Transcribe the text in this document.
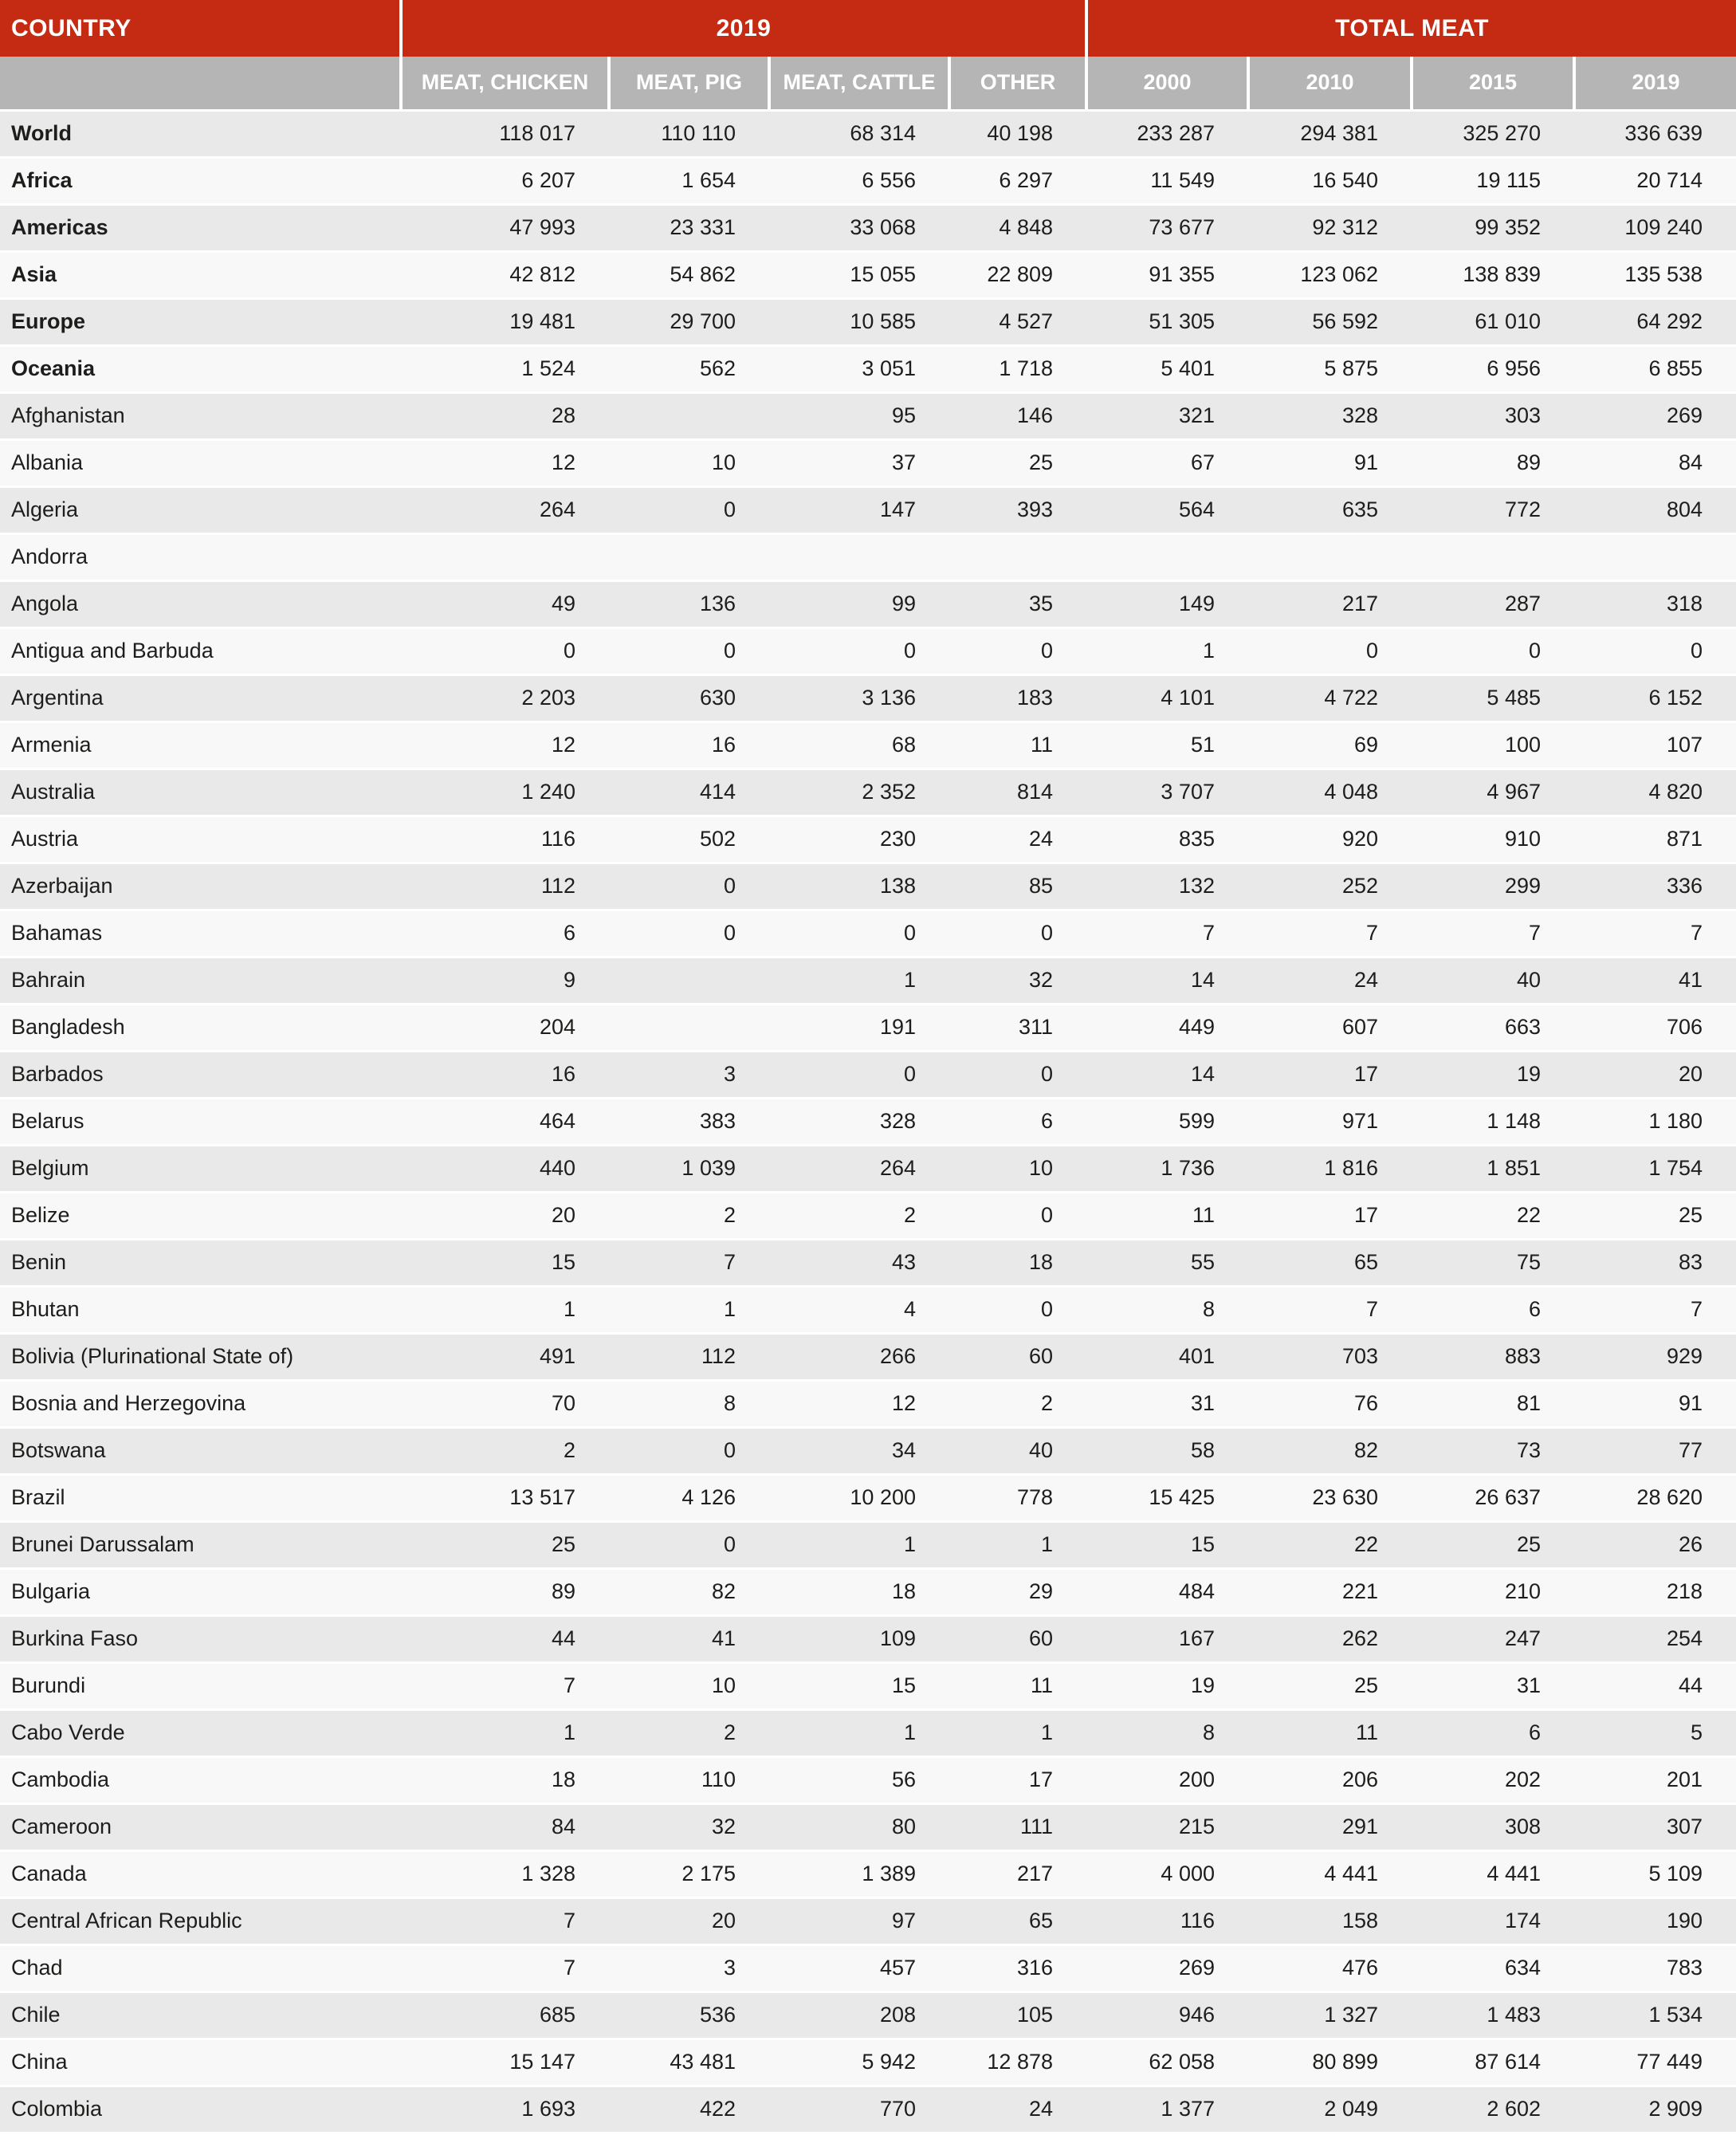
COUNTRY	2019				TOTAL MEAT			
	MEAT, CHICKEN	MEAT, PIG	MEAT, CATTLE	OTHER	2000	2010	2015	2019
World	118 017	110 110	68 314	40 198	233 287	294 381	325 270	336 639
Africa	6 207	1 654	6 556	6 297	11 549	16 540	19 115	20 714
Americas	47 993	23 331	33 068	4 848	73 677	92 312	99 352	109 240
Asia	42 812	54 862	15 055	22 809	91 355	123 062	138 839	135 538
Europe	19 481	29 700	10 585	4 527	51 305	56 592	61 010	64 292
Oceania	1 524	562	3 051	1 718	5 401	5 875	6 956	6 855
Afghanistan	28		95	146	321	328	303	269
Albania	12	10	37	25	67	91	89	84
Algeria	264	0	147	393	564	635	772	804
Andorra								
Angola	49	136	99	35	149	217	287	318
Antigua and Barbuda	0	0	0	0	1	0	0	0
Argentina	2 203	630	3 136	183	4 101	4 722	5 485	6 152
Armenia	12	16	68	11	51	69	100	107
Australia	1 240	414	2 352	814	3 707	4 048	4 967	4 820
Austria	116	502	230	24	835	920	910	871
Azerbaijan	112	0	138	85	132	252	299	336
Bahamas	6	0	0	0	7	7	7	7
Bahrain	9		1	32	14	24	40	41
Bangladesh	204		191	311	449	607	663	706
Barbados	16	3	0	0	14	17	19	20
Belarus	464	383	328	6	599	971	1 148	1 180
Belgium	440	1 039	264	10	1 736	1 816	1 851	1 754
Belize	20	2	2	0	11	17	22	25
Benin	15	7	43	18	55	65	75	83
Bhutan	1	1	4	0	8	7	6	7
Bolivia (Plurinational State of)	491	112	266	60	401	703	883	929
Bosnia and Herzegovina	70	8	12	2	31	76	81	91
Botswana	2	0	34	40	58	82	73	77
Brazil	13 517	4 126	10 200	778	15 425	23 630	26 637	28 620
Brunei Darussalam	25	0	1	1	15	22	25	26
Bulgaria	89	82	18	29	484	221	210	218
Burkina Faso	44	41	109	60	167	262	247	254
Burundi	7	10	15	11	19	25	31	44
Cabo Verde	1	2	1	1	8	11	6	5
Cambodia	18	110	56	17	200	206	202	201
Cameroon	84	32	80	111	215	291	308	307
Canada	1 328	2 175	1 389	217	4 000	4 441	4 441	5 109
Central African Republic	7	20	97	65	116	158	174	190
Chad	7	3	457	316	269	476	634	783
Chile	685	536	208	105	946	1 327	1 483	1 534
China	15 147	43 481	5 942	12 878	62 058	80 899	87 614	77 449
Colombia	1 693	422	770	24	1 377	2 049	2 602	2 909
